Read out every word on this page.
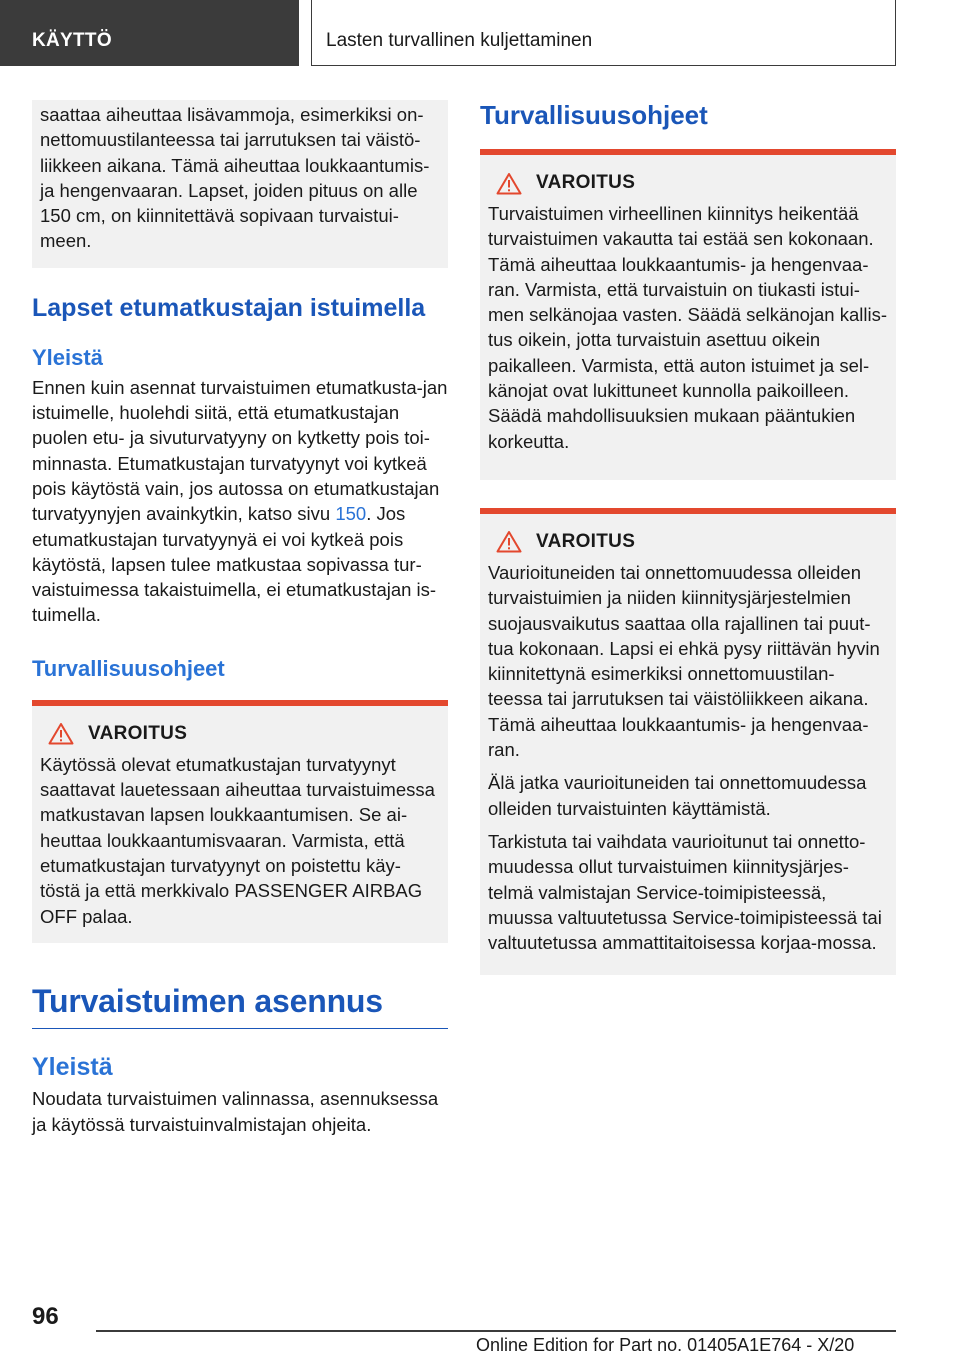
KÄYTTÖ	Lasten turvallinen kuljettaminen

saattaa aiheuttaa lisävammoja, esimerkiksi on-nettomuustilanteessa tai jarrutuksen tai väistö-liikkeen aikana. Tämä aiheuttaa loukkaantumis-ja hengenvaaran. Lapset, joiden pituus on alle 150 cm, on kiinnitettävä sopivaan turvaistui-meen.

Lapset etumatkustajan istuimella
Yleistä

Ennen kuin asennat turvaistuimen etumatkusta-jan istuimelle, huolehdi siitä, että etumatkustajan puolen etu- ja sivuturvatyyny on kytketty pois toi-minnasta. Etumatkustajan turvatyynyt voi kytkeä pois käytöstä vain, jos autossa on etumatkustajan turvatyynyjen avainkytkin, katso sivu 150. Jos etumatkustajan turvatyynyä ei voi kytkeä pois käytöstä, lapsen tulee matkustaa sopivassa tur-vaistuimessa takaistuimella, ei etumatkustajan is-tuimella.

Turvallisuusohjeet
VAROITUS

Käytössä olevat etumatkustajan turvatyynyt saattavat lauetessaan aiheuttaa turvaistuimessa matkustavan lapsen loukkaantumisen. Se ai-heuttaa loukkaantumisvaaran. Varmista, että etumatkustajan turvatyynyt on poistettu käy-töstä ja että merkkivalo PASSENGER AIRBAG OFF palaa.

Turvaistuimen asennus
Yleistä

Noudata turvaistuimen valinnassa, asennuksessa ja käytössä turvaistuinvalmistajan ohjeita.

Turvallisuusohjeet
VAROITUS

Turvaistuimen virheellinen kiinnitys heikentää turvaistuimen vakautta tai estää sen kokonaan. Tämä aiheuttaa loukkaantumis- ja hengenvaa-ran. Varmista, että turvaistuin on tiukasti istui-men selkänojaa vasten. Säädä selkänojan kallis-tus oikein, jotta turvaistuin asettuu oikein paikalleen. Varmista, että auton istuimet ja sel-känojat ovat lukittuneet kunnolla paikoilleen. Säädä mahdollisuuksien mukaan pääntukien korkeutta.

VAROITUS

Vaurioituneiden tai onnettomuudessa olleiden turvaistuimien ja niiden kiinnitysjärjestelmien suojausvaikutus saattaa olla rajallinen tai puut-tua kokonaan. Lapsi ei ehkä pysy riittävän hyvin kiinnitettynä esimerkiksi onnettomuustilan-teessa tai jarrutuksen tai väistöliikkeen aikana. Tämä aiheuttaa loukkaantumis- ja hengenvaa-ran.

Älä jatka vaurioituneiden tai onnettomuudessa olleiden turvaistuinten käyttämistä.

Tarkistuta tai vaihdata vaurioitunut tai onnetto-muudessa ollut turvaistuimen kiinnitysjärjes-telmä valmistajan Service-toimipisteessä, muussa valtuutetussa Service-toimipisteessä tai valtuutetussa ammattitaitoisessa korjaa-mossa.

96
Online Edition for Part no. 01405A1E764 - X/20
